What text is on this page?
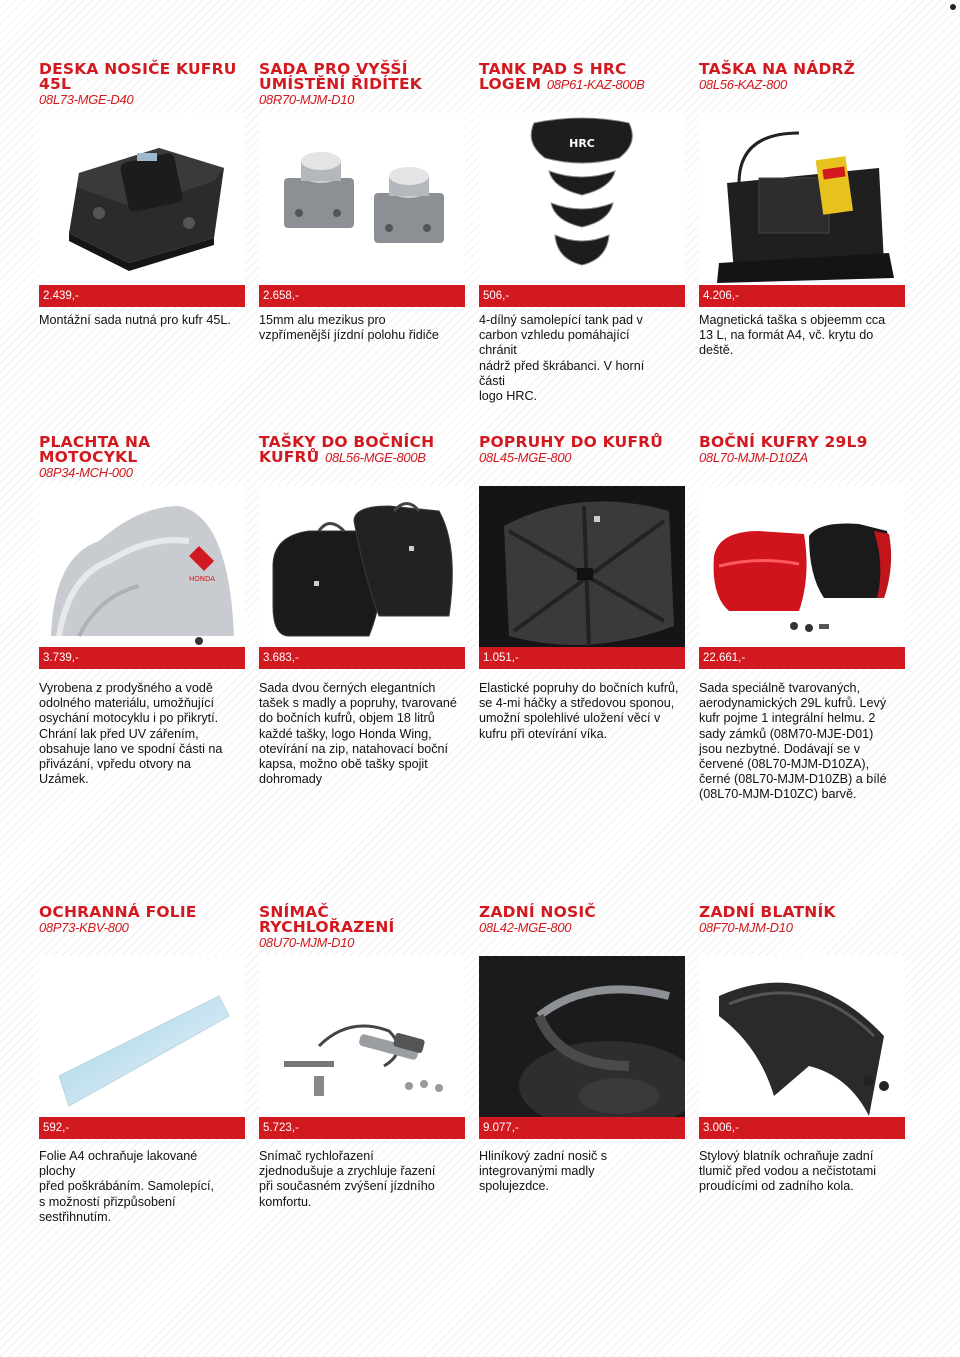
DESKA NOSIČE KUFRU
45L
08L73-MGE-D40
2.439,-
Montážní sada nutná pro kufr 45L.
SADA PRO VYŠŠÍ
UMÍSTĚNÍ ŘIDÍTEK
08R70-MJM-D10
2.658,-
15mm alu mezikus pro
vzpřímenější jízdní polohu řidiče
TANK PAD S HRC
LOGEM 08P61-KAZ-800B
HRC
506,-
4-dílný samolepící tank pad v
carbon vzhledu pomáhající
chránit
nádrž před škrábanci. V horní
části
logo HRC.
TAŠKA NA NÁDRŽ
08L56-KAZ-800
4.206,-
Magnetická taška s objeemm cca
13 L, na formát A4, vč. krytu do
deště.
PLACHTA NA MOTOCYKL
08P34-MCH-000
HONDA
3.739,-
Vyrobena z prodyšného a vodě
odolného materiálu, umožňující
osychání motocyklu i po přikrytí.
Chrání lak před UV zářením,
obsahuje lano ve spodní části na
přivázání, vpředu otvory na
Uzámek.
TAŠKY DO BOČNÍCH
KUFRŮ 08L56-MGE-800B
3.683,-
Sada dvou černých elegantních
tašek s madly a popruhy, tvarované
do bočních kufrů, objem 18 litrů
každé tašky, logo Honda Wing,
otevírání na zip, natahovací boční
kapsa, možno obě tašky spojit
dohromady
POPRUHY DO KUFRŮ
08L45-MGE-800
1.051,-
Elastické popruhy do bočních kufrů,
se 4-mi háčky a středovou sponou,
umožní spolehlivé uložení věcí v
kufru při otevírání víka.
BOČNÍ KUFRY 29L9
08L70-MJM-D10ZA
22.661,-
Sada speciálně tvarovaných,
aerodynamických 29L kufrů. Levý
kufr pojme 1 integrální helmu. 2
sady zámků (08M70-MJE-D01)
jsou nezbytné. Dodávají se v
červené (08L70-MJM-D10ZA),
černé (08L70-MJM-D10ZB) a bílé
(08L70-MJM-D10ZC) barvě.
OCHRANNÁ FOLIE
08P73-KBV-800
592,-
Folie A4 ochraňuje lakované
plochy
před poškrábáním. Samolepící,
s možností přizpůsobení
sestřihnutím.
SNÍMAČ RYCHLOŘAZENÍ
08U70-MJM-D10
5.723,-
Snímač rychlořazení
zjednodušuje a zrychluje řazení
při současném zvýšení jízdního
komfortu.
ZADNÍ NOSIČ
08L42-MGE-800
9.077,-
Hliníkový zadní nosič s
integrovanými madly
spolujezdce.
ZADNÍ BLATNÍK
08F70-MJM-D10
3.006,-
Stylový blatník ochraňuje zadní
tlumič před vodou a nečistotami
proudícími od zadního kola.
